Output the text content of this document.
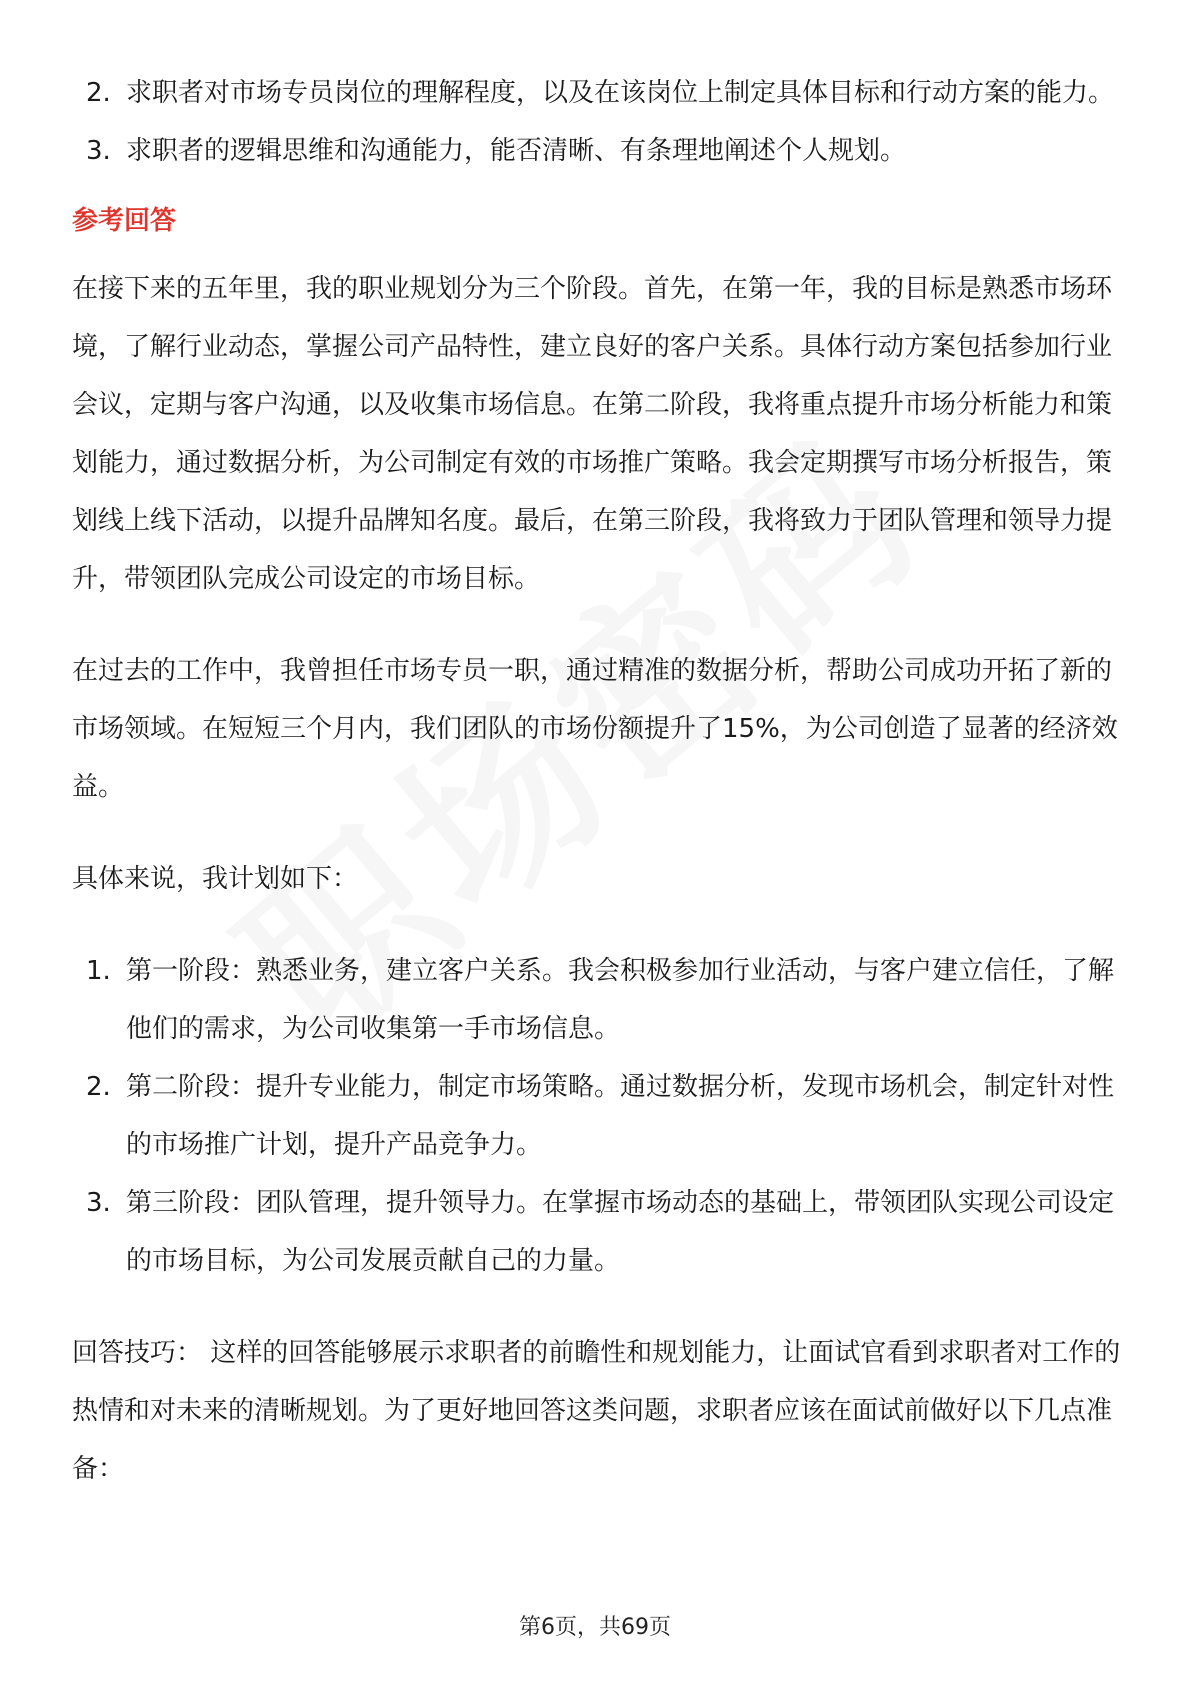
2. 求职者对市场专员岗位的理解程度，以及在该岗位上制定具体目标和行动方案的能力。
3. 求职者的逻辑思维和沟通能力，能否清晰、有条理地阐述个人规划。
参考回答

在接下来的五年里，我的职业规划分为三个阶段。首先，在第一年，我的目标是熟悉市场环境，了解行业动态，掌握公司产品特性，建立良好的客户关系。具体行动方案包括参加行业会议，定期与客户沟通，以及收集市场信息。在第二阶段，我将重点提升市场分析能力和策划能力，通过数据分析，为公司制定有效的市场推广策略。我会定期撰写市场分析报告，策划线上线下活动，以提升品牌知名度。最后，在第三阶段，我将致力于团队管理和领导力提升，带领团队完成公司设定的市场目标。

在过去的工作中，我曾担任市场专员一职，通过精准的数据分析，帮助公司成功开拓了新的市场领域。在短短三个月内，我们团队的市场份额提升了15%，为公司创造了显著的经济效益。

具体来说，我计划如下：

1. 第一阶段：熟悉业务，建立客户关系。我会积极参加行业活动，与客户建立信任，了解他们的需求，为公司收集第一手市场信息。
2. 第二阶段：提升专业能力，制定市场策略。通过数据分析，发现市场机会，制定针对性的市场推广计划，提升产品竞争力。
3. 第三阶段：团队管理，提升领导力。在掌握市场动态的基础上，带领团队实现公司设定的市场目标，为公司发展贡献自己的力量。

回答技巧： 这样的回答能够展示求职者的前瞻性和规划能力，让面试官看到求职者对工作的热情和对未来的清晰规划。为了更好地回答这类问题，求职者应该在面试前做好以下几点准备：

第6页，共69页
